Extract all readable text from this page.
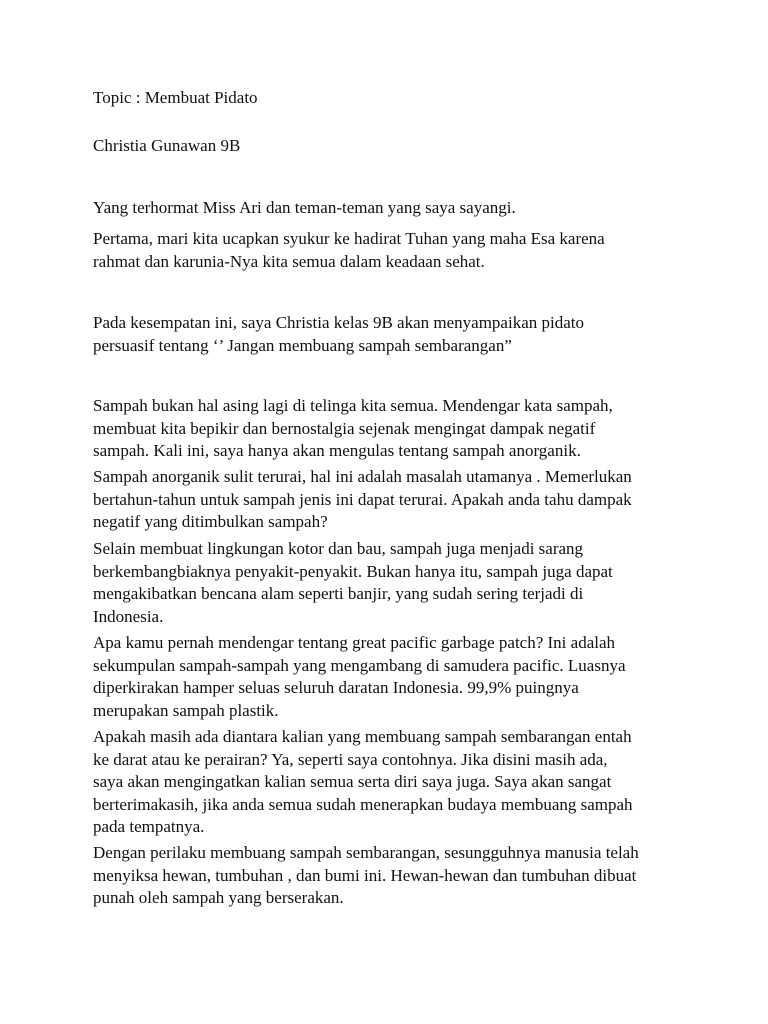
Topic : Membuat Pidato

Christia Gunawan 9B

Yang terhormat Miss Ari dan teman-teman yang saya sayangi.

Pertama, mari kita ucapkan syukur ke hadirat Tuhan yang maha Esa karena
rahmat dan karunia-Nya kita semua dalam keadaan sehat.

Pada kesempatan ini, saya Christia kelas 9B akan menyampaikan pidato
persuasif tentang ‘’ Jangan membuang sampah sembarangan”

Sampah bukan hal asing lagi di telinga kita semua. Mendengar kata sampah,
membuat kita bepikir dan bernostalgia sejenak mengingat dampak negatif
sampah. Kali ini, saya hanya akan mengulas tentang sampah anorganik.

Sampah anorganik sulit terurai, hal ini adalah masalah utamanya . Memerlukan
bertahun-tahun untuk sampah jenis ini dapat terurai. Apakah anda tahu dampak
negatif yang ditimbulkan sampah?

Selain membuat lingkungan kotor dan bau, sampah juga menjadi sarang
berkembangbiaknya penyakit-penyakit. Bukan hanya itu, sampah juga dapat
mengakibatkan bencana alam seperti banjir, yang sudah sering terjadi di
Indonesia.

Apa kamu pernah mendengar tentang great pacific garbage patch? Ini adalah
sekumpulan sampah-sampah yang mengambang di samudera pacific. Luasnya
diperkirakan hamper seluas seluruh daratan Indonesia. 99,9% puingnya
merupakan sampah plastik.

Apakah masih ada diantara kalian yang membuang sampah sembarangan entah
ke darat atau ke perairan? Ya, seperti saya contohnya. Jika disini masih ada,
saya akan mengingatkan kalian semua serta diri saya juga. Saya akan sangat
berterimakasih, jika anda semua sudah menerapkan budaya membuang sampah
pada tempatnya.

Dengan perilaku membuang sampah sembarangan, sesungguhnya manusia telah
menyiksa hewan, tumbuhan , dan bumi ini. Hewan-hewan dan tumbuhan dibuat
punah oleh sampah yang berserakan.
